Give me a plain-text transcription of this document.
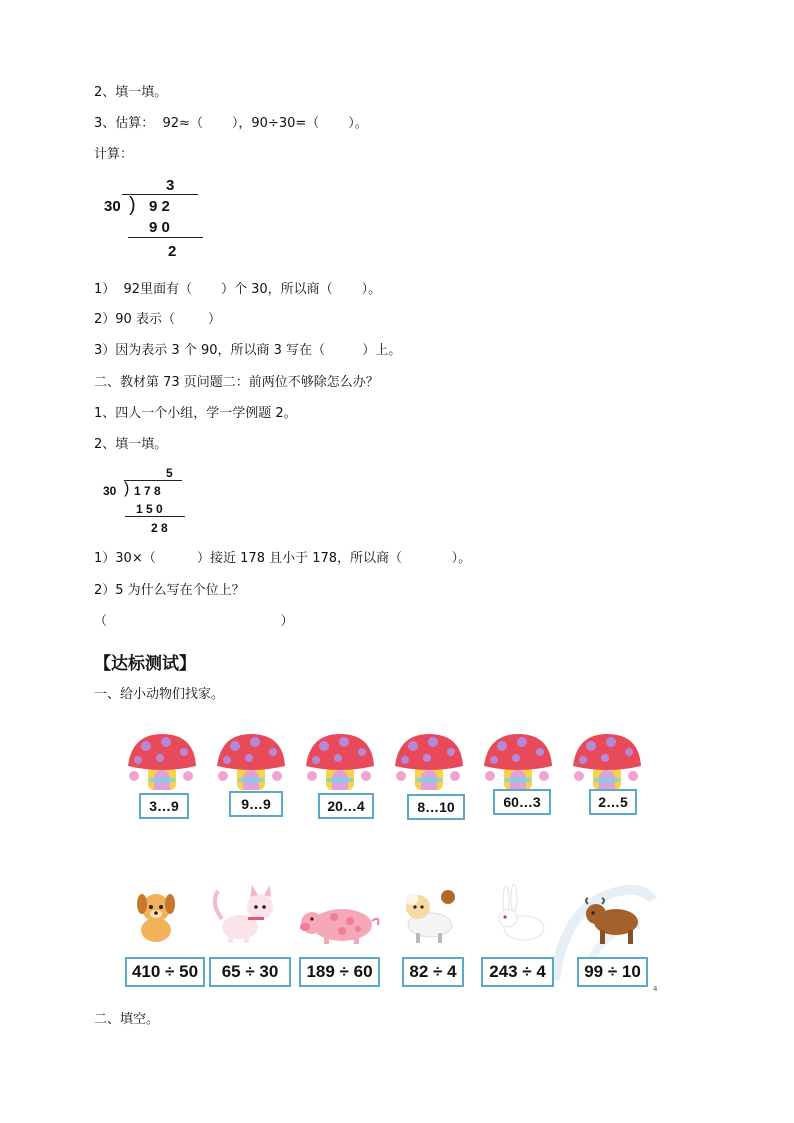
2、填一填。
3、估算：  92≈（       ），90÷30=（       ）。
计算：
3
30 ) 9 2
9 0
2
1）  92里面有（       ）个 30，所以商（       ）。
2）90 表示（        ）
3）因为表示 3 个 90，所以商 3 写在（         ）上。
二、教材第 73 页问题二：前两位不够除怎么办？
1、四人一个小组，学一学例题 2。
2、填一填。
5
30 ) 1 7 8
1 5 0
2 8
1）30×（          ）接近 178 且小于 178，所以商（            ）。
2）5 为什么写在个位上？
（                                          ）
【达标测试】
一、给小动物们找家。
3…9	9…9	20…4	8…10	60…3	2…5
410 ÷ 50	65 ÷ 30	189 ÷ 60	82 ÷ 4	243 ÷ 4	99 ÷ 10
4
二、填空。
